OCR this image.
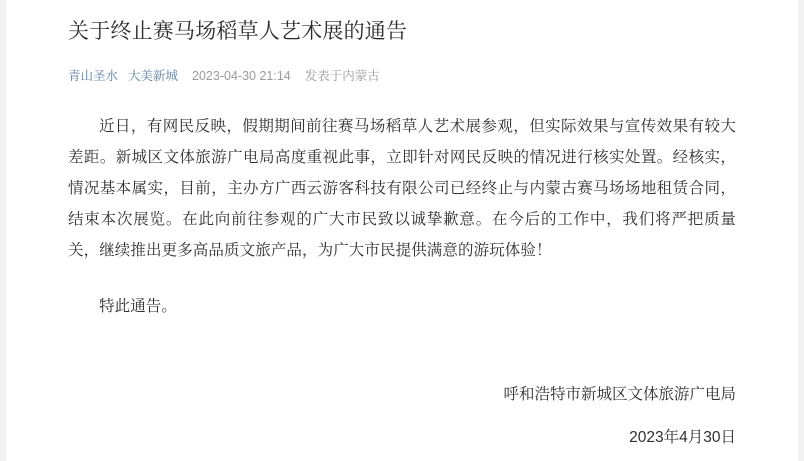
关于终止赛马场稻草人艺术展的通告
青山圣水 大美新城 2023-04-30 21:14 发表于内蒙古

近日，有网民反映，假期期间前往赛马场稻草人艺术展参观，但实际效果与宣传效果有较大差距。新城区文体旅游广电局高度重视此事，立即针对网民反映的情况进行核实处置。经核实，情况基本属实，目前，主办方广西云游客科技有限公司已经终止与内蒙古赛马场场地租赁合同，结束本次展览。在此向前往参观的广大市民致以诚挚歉意。在今后的工作中，我们将严把质量关，继续推出更多高品质文旅产品，为广大市民提供满意的游玩体验！

特此通告。

呼和浩特市新城区文体旅游广电局
2023年4月30日
